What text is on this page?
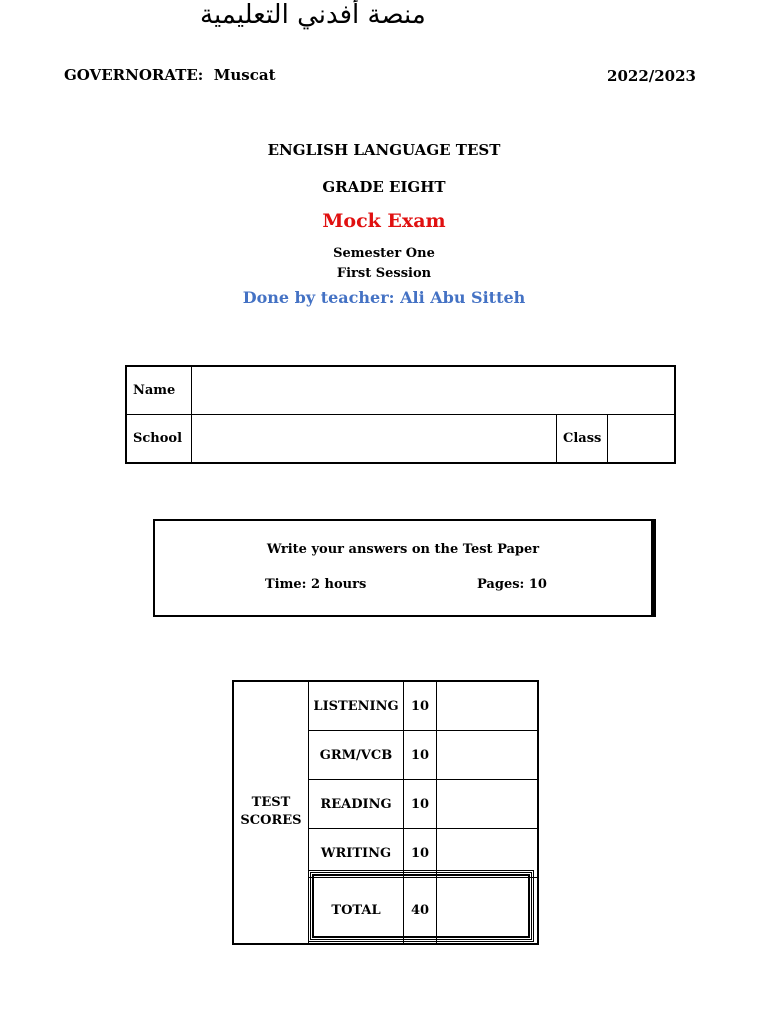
منصة أفدني التعليمية
GOVERNORATE:  Muscat	2022/2023
ENGLISH LANGUAGE TEST
GRADE EIGHT
Mock Exam
Semester One
First Session
Done by teacher: Ali Abu Sitteh
Name			
School		Class	
Write your answers on the Test Paper
Time: 2 hours	Pages: 10
TEST SCORES	LISTENING	10	
	GRM/VCB	10	
	READING	10	
	WRITING	10	
	TOTAL	40	
